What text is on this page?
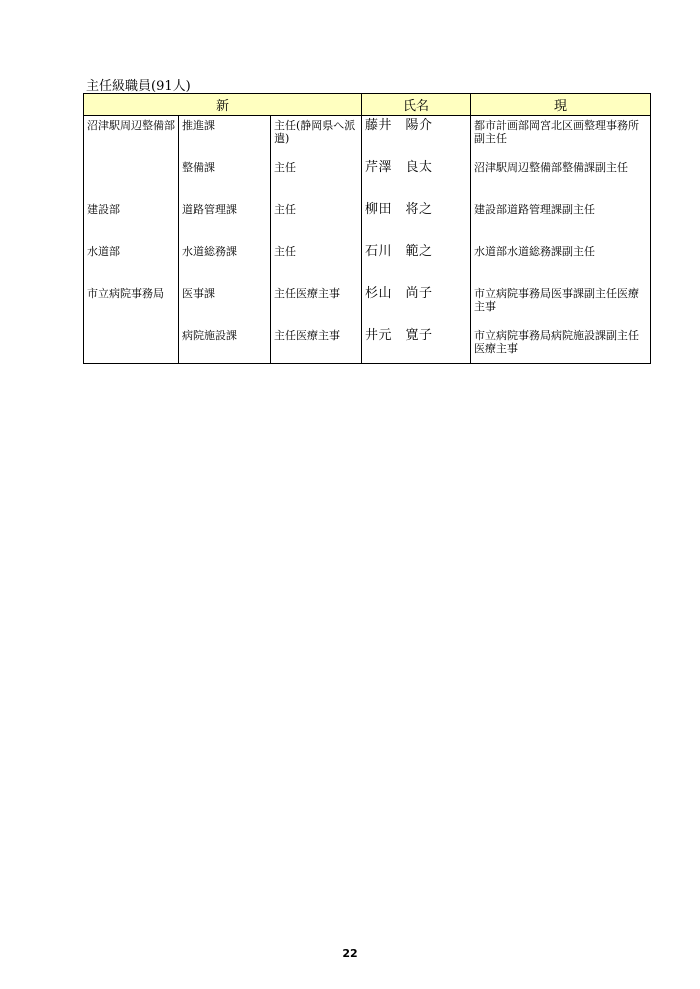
主任級職員(91人)
新			氏名	現
沼津駅周辺整備部	推進課	主任(静岡県へ派遣)	藤井　陽介	都市計画部岡宮北区画整理事務所副主任
	整備課	主任	芹澤　良太	沼津駅周辺整備部整備課副主任
建設部	道路管理課	主任	柳田　将之	建設部道路管理課副主任
水道部	水道総務課	主任	石川　範之	水道部水道総務課副主任
市立病院事務局	医事課	主任医療主事	杉山　尚子	市立病院事務局医事課副主任医療主事
	病院施設課	主任医療主事	井元　寛子	市立病院事務局病院施設課副主任医療主事
22
